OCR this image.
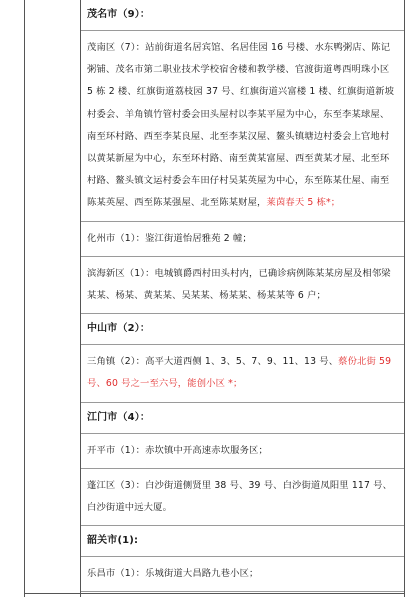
茂名市（9）：
茂南区（7）：站前街道名居宾馆、名居佳园 16 号楼、水东鸭粥店、陈记粥铺、茂名市第二职业技术学校宿舍楼和教学楼、官渡街道粤西明珠小区 5 栋 2 楼、红旗街道荔枝园 37 号、红旗街道兴富楼 1 楼、红旗街道新坡村委会、羊角镇竹管村委会田头屋村以李某平屋为中心，东至李某球屋、南至环村路、西至李某良屋、北至李某汉屋、鳌头镇塘边村委会上官地村以黄某新屋为中心，东至环村路、南至黄某富屋、西至黄某才屋、北至环村路、鳌头镇文运村委会车田仔村吴某英屋为中心，东至陈某仕屋、南至陈某英屋、西至陈某强屋、北至陈某财屋，莱茵春天 5 栋*；
化州市（1）：鉴江街道怡居雅苑 2 幢；
滨海新区（1）：电城镇爵西村田头村内，已确诊病例陈某某房屋及相邻梁某某、杨某、黄某某、吴某某、杨某某、杨某某等 6 户；
中山市（2）：
三角镇（2）：高平大道西侧 1、3、5、7、9、11、13 号、蔡份北街 59 号、60 号之一至六号，能创小区 *；
江门市（4）：
开平市（1）：赤坎镇中开高速赤坎服务区；
蓬江区（3）：白沙街道侧贤里 38 号、39 号、白沙街道凤阳里 117 号、白沙街道中远大厦。
韶关市(1):
乐昌市（1）：乐城街道大昌路九巷小区；
